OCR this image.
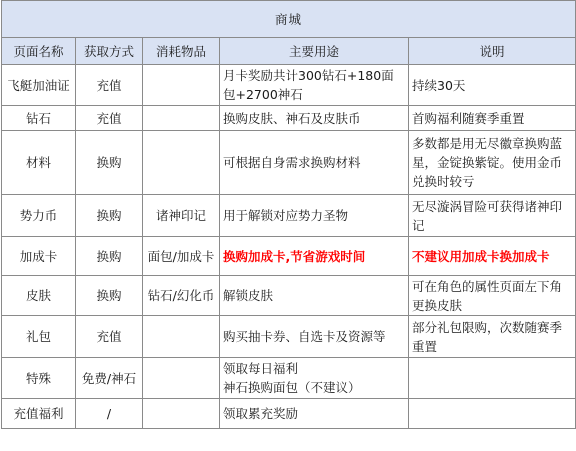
商城				
页面名称	获取方式	消耗物品	主要用途	说明
飞艇加油证	充值		月卡奖励共计300钻石+180面包+2700神石	持续30天
钻石	充值		换购皮肤、神石及皮肤币	首购福利随赛季重置
材料	换购		可根据自身需求换购材料	多数都是用无尽徽章换购蓝星，金锭换紫锭。使用金币兑换时较亏
势力币	换购	诸神印记	用于解锁对应势力圣物	无尽漩涡冒险可获得诸神印记
加成卡	换购	面包/加成卡	换购加成卡,节省游戏时间	不建议用加成卡换加成卡
皮肤	换购	钻石/幻化币	解锁皮肤	可在角色的属性页面左下角更换皮肤
礼包	充值		购买抽卡券、自选卡及资源等	部分礼包限购，次数随赛季重置
特殊	免费/神石		领取每日福利
神石换购面包（不建议）	

充值福利	/		领取累充奖励	
